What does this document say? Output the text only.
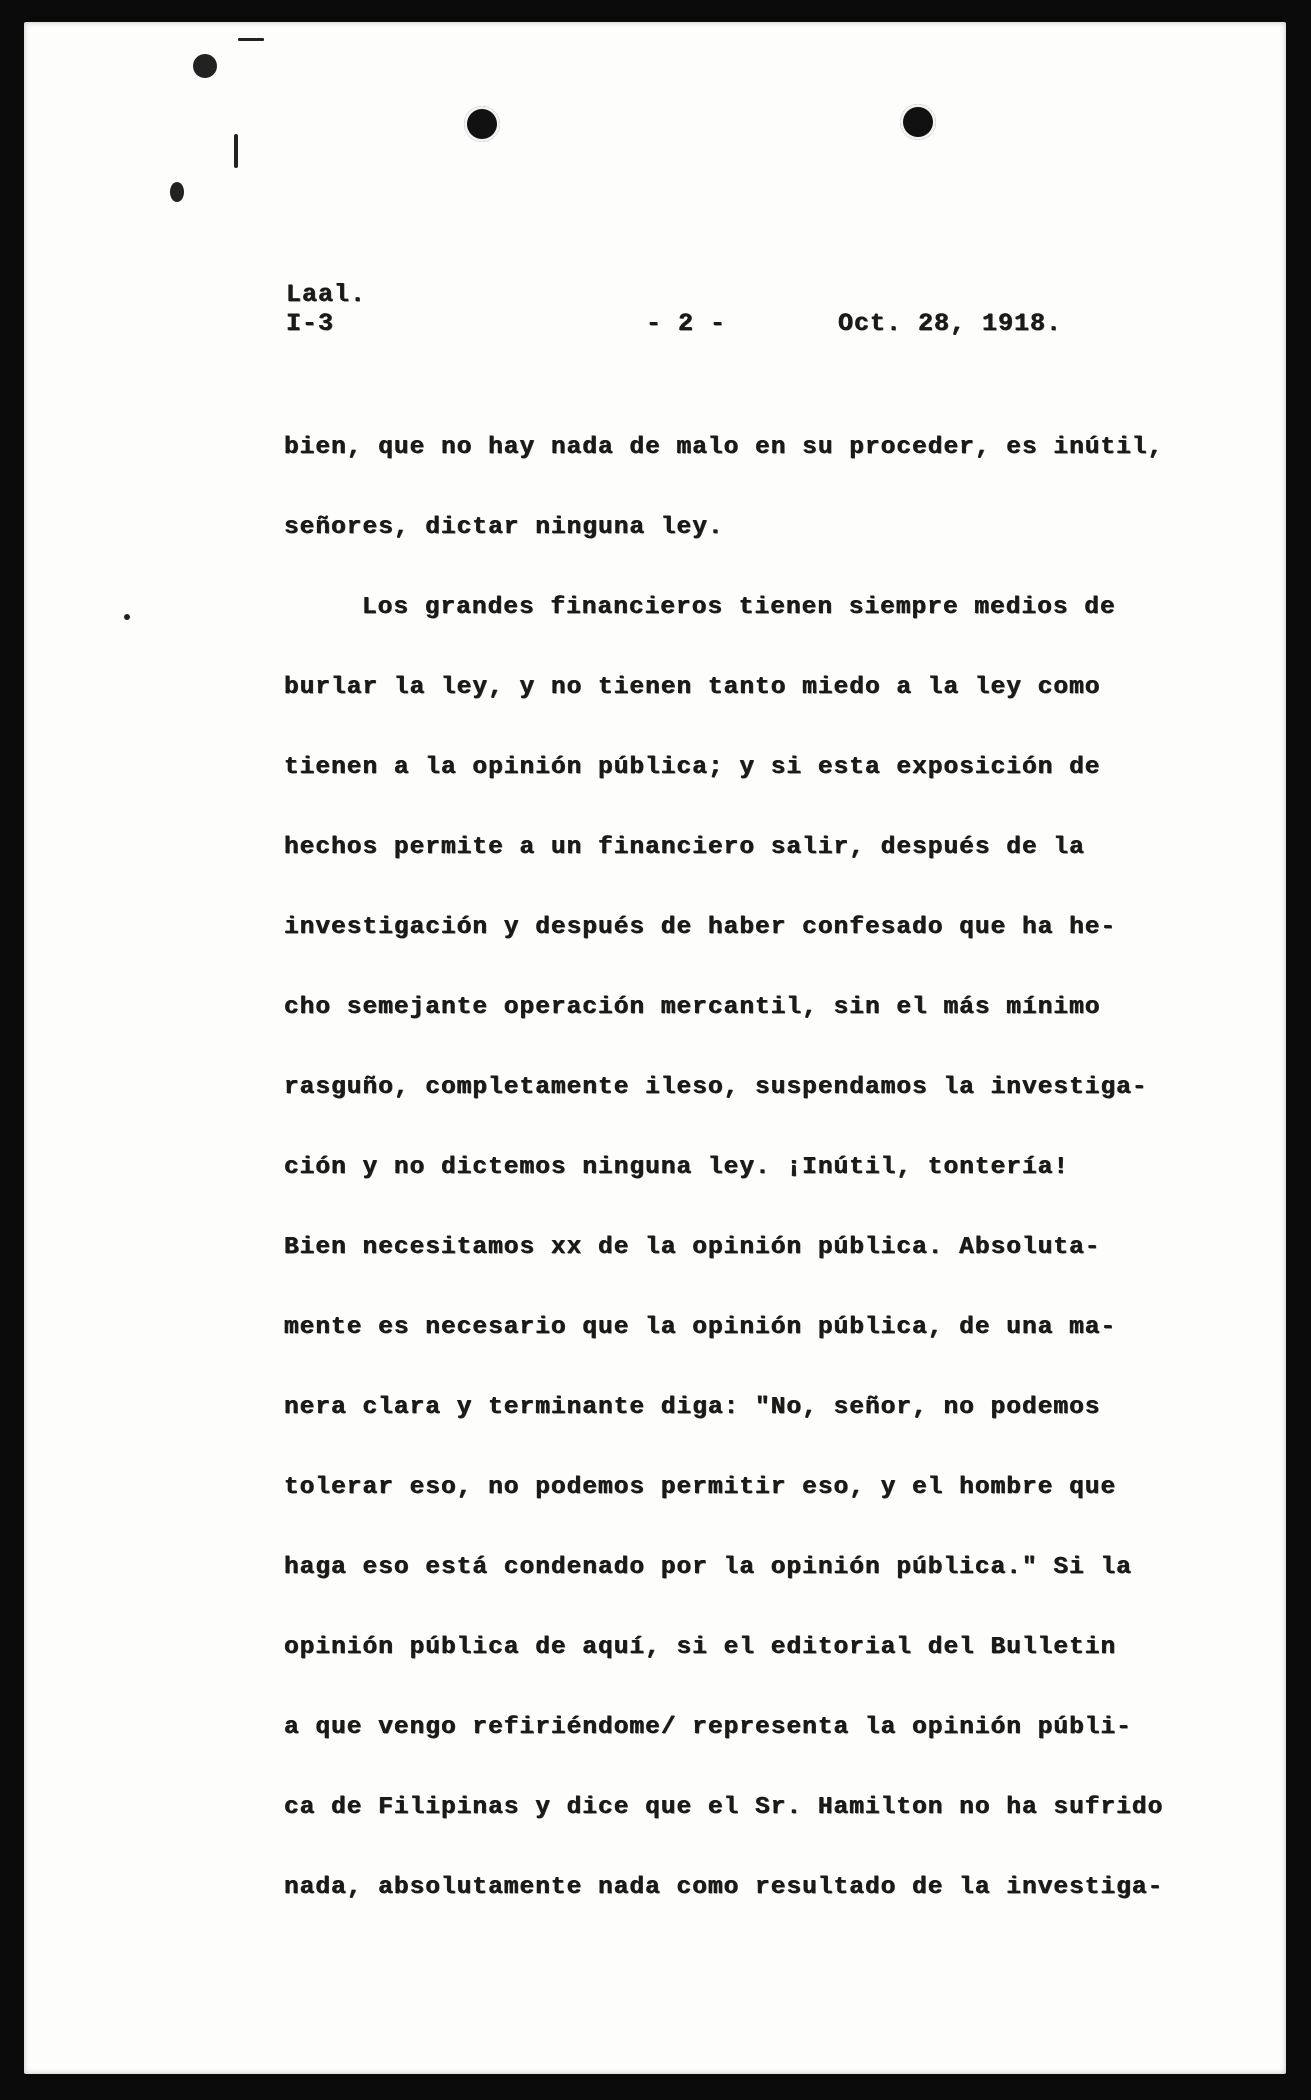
Laal.
I-3	- 2 -	Oct. 28, 1918.
bien, que no hay nada de malo en su proceder, es inútil,
señores, dictar ninguna ley.
Los grandes financieros tienen siempre medios de
burlar la ley, y no tienen tanto miedo a la ley como
tienen a la opinión pública; y si esta exposición de
hechos permite a un financiero salir, después de la
investigación y después de haber confesado que ha he-
cho semejante operación mercantil, sin el más mínimo
rasguño, completamente ileso, suspendamos la investiga-
ción y no dictemos ninguna ley. ¡Inútil, tontería!
Bien necesitamos xx de la opinión pública. Absoluta-
mente es necesario que la opinión pública, de una ma-
nera clara y terminante diga: "No, señor, no podemos
tolerar eso, no podemos permitir eso, y el hombre que
haga eso está condenado por la opinión pública." Si la
opinión pública de aquí, si el editorial del Bulletin
a que vengo refiriéndome/ representa la opinión públi-
ca de Filipinas y dice que el Sr. Hamilton no ha sufrido
nada, absolutamente nada como resultado de la investiga-
